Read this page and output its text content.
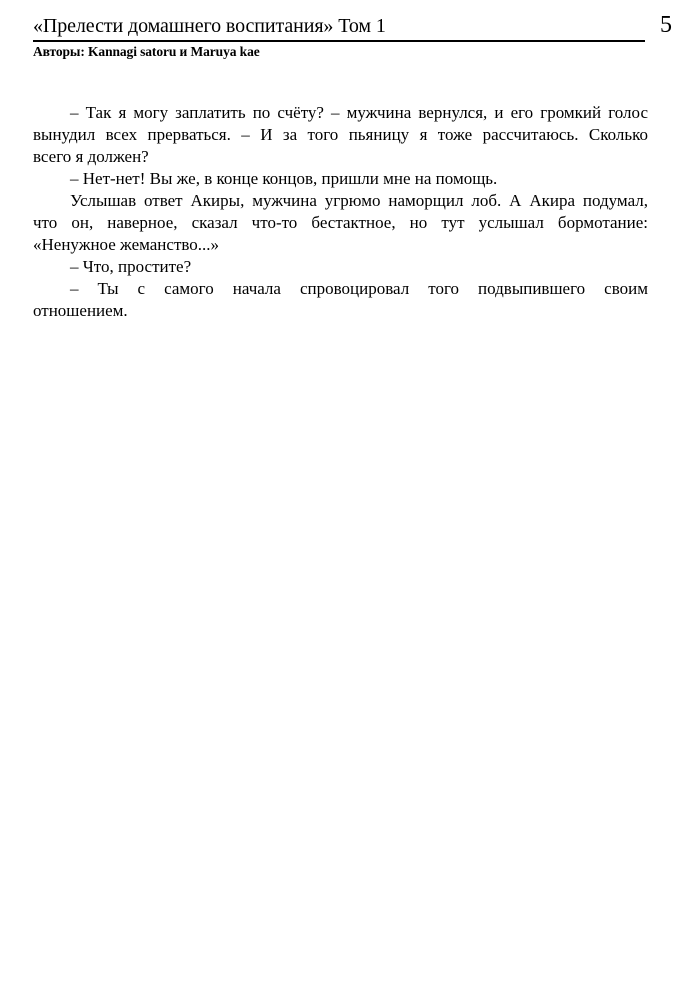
«Прелести домашнего воспитания» Том 1	5
Авторы: Kannagi satoru и Maruya kae
– Так я могу заплатить по счёту? – мужчина вернулся, и его громкий голос
вынудил всех прерваться. – И за того пьяницу я тоже рассчитаюсь. Сколько
всего я должен?
– Нет-нет! Вы же, в конце концов, пришли мне на помощь.
Услышав ответ Акиры, мужчина угрюмо наморщил лоб. А Акира подумал,
что он, наверное, сказал что-то бестактное, но тут услышал бормотание:
«Ненужное жеманство...»
– Что, простите?
– Ты с самого начала спровоцировал того подвыпившего своим
отношением.
